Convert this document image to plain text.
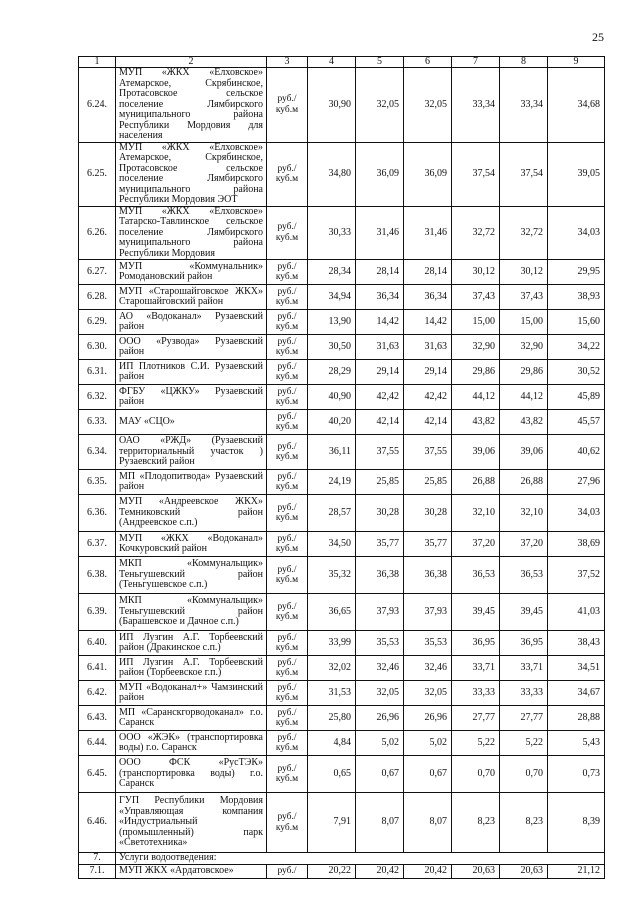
25
1	2	3	4	5	6	7	8	9
6.24.	МУП «ЖКХ «Елховское» Атемарское, Скрябинское, Протасовское сельское поселение Лямбирского муниципального района Республики Мордовия для населения	руб./ куб.м	30,90	32,05	32,05	33,34	33,34	34,68
6.25.	МУП «ЖКХ «Елховское» Атемарское, Скрябинское, Протасовское сельское поселение Лямбирского муниципального района Республики Мордовия ЭОТ	руб./ куб.м	34,80	36,09	36,09	37,54	37,54	39,05
6.26.	МУП «ЖКХ «Елховское» Татарско-Тавлинское сельское поселение Лямбирского муниципального района Республики Мордовия	руб./ куб.м	30,33	31,46	31,46	32,72	32,72	34,03
6.27.	МУП «Коммунальник» Ромодановский район	руб./ куб.м	28,34	28,14	28,14	30,12	30,12	29,95
6.28.	МУП «Старошайговское ЖКХ» Старошайговский район	руб./ куб.м	34,94	36,34	36,34	37,43	37,43	38,93
6.29.	АО «Водоканал» Рузаевский район	руб./ куб.м	13,90	14,42	14,42	15,00	15,00	15,60
6.30.	ООО «Рузвода» Рузаевский район	руб./ куб.м	30,50	31,63	31,63	32,90	32,90	34,22
6.31.	ИП Плотников С.И. Рузаевский район	руб./ куб.м	28,29	29,14	29,14	29,86	29,86	30,52
6.32.	ФГБУ «ЦЖКУ» Рузаевский район	руб./ куб.м	40,90	42,42	42,42	44,12	44,12	45,89
6.33.	МАУ «СЦО»	руб./ куб.м	40,20	42,14	42,14	43,82	43,82	45,57
6.34.	ОАО «РЖД» (Рузаевский территориальный участок ) Рузаевский район	руб./ куб.м	36,11	37,55	37,55	39,06	39,06	40,62
6.35.	МП «Плодопитвода» Рузаевский район	руб./ куб.м	24,19	25,85	25,85	26,88	26,88	27,96
6.36.	МУП «Андреевское ЖКХ» Темниковский район (Андреевское с.п.)	руб./ куб.м	28,57	30,28	30,28	32,10	32,10	34,03
6.37.	МУП «ЖКХ «Водоканал» Кочкуровский район	руб./ куб.м	34,50	35,77	35,77	37,20	37,20	38,69
6.38.	МКП «Коммунальщик» Теньгушевский район (Теньгушевское с.п.)	руб./ куб.м	35,32	36,38	36,38	36,53	36,53	37,52
6.39.	МКП «Коммунальщик» Теньгушевский район (Барашевское и Дачное с.п.)	руб./ куб.м	36,65	37,93	37,93	39,45	39,45	41,03
6.40.	ИП Лузгин А.Г. Торбеевский район (Дракинское с.п.)	руб./ куб.м	33,99	35,53	35,53	36,95	36,95	38,43
6.41.	ИП Лузгин А.Г. Торбеевский район (Торбеевское г.п.)	руб./ куб.м	32,02	32,46	32,46	33,71	33,71	34,51
6.42.	МУП «Водоканал+» Чамзинский район	руб./ куб.м	31,53	32,05	32,05	33,33	33,33	34,67
6.43.	МП «Саранскгорводоканал» г.о. Саранск	руб./ куб.м	25,80	26,96	26,96	27,77	27,77	28,88
6.44.	ООО «ЖЭК» (транспортировка воды) г.о. Саранск	руб./ куб.м	4,84	5,02	5,02	5,22	5,22	5,43
6.45.	ООО ФСК «РусТЭК» (транспортировка воды) г.о. Саранск	руб./ куб.м	0,65	0,67	0,67	0,70	0,70	0,73
6.46.	ГУП Республики Мордовия «Управляющая компания «Индустриальный (промышленный) парк «Светотехника»	руб./ куб.м	7,91	8,07	8,07	8,23	8,23	8,39
7.	Услуги водоотведения:							
7.1.	МУП ЖКХ «Ардатовское»	руб./	20,22	20,42	20,42	20,63	20,63	21,12
